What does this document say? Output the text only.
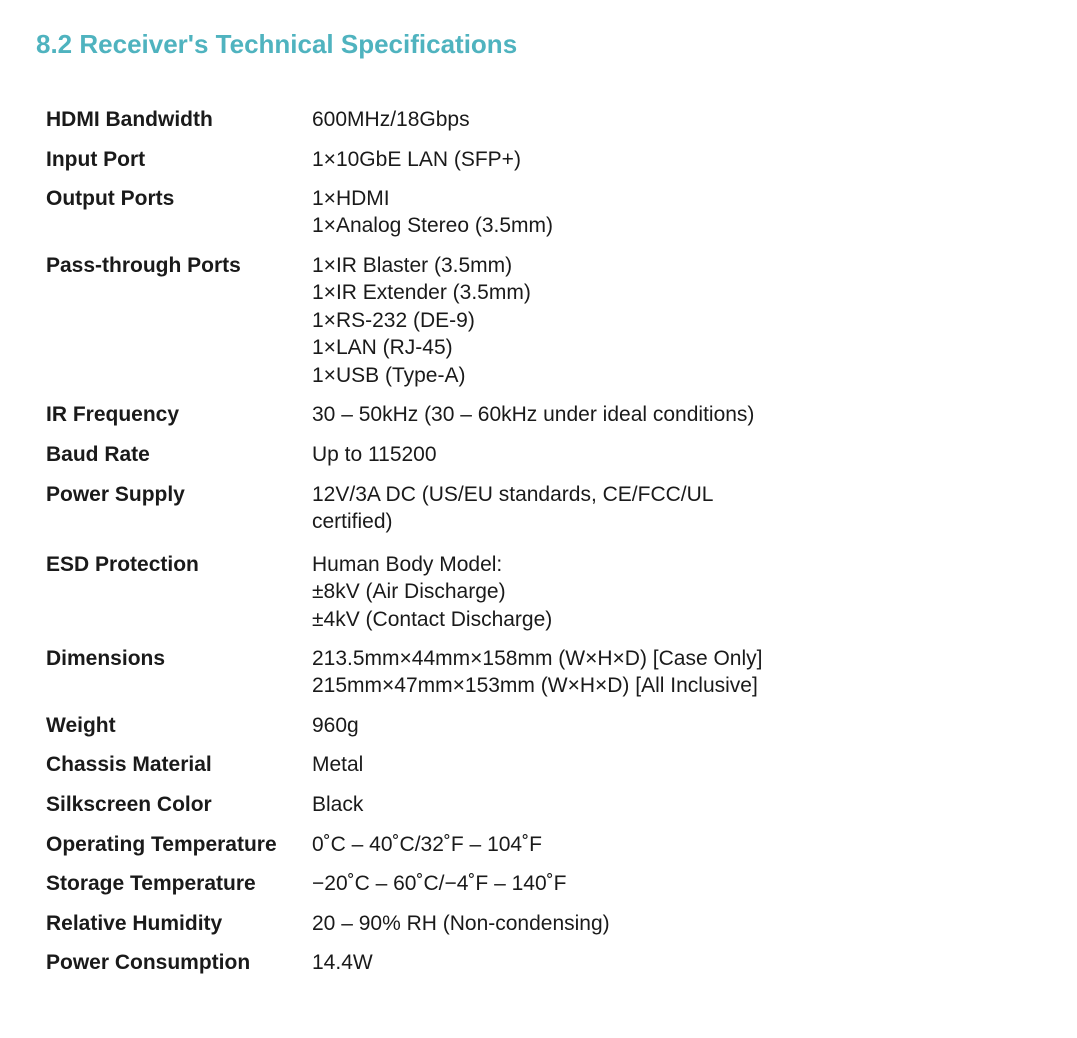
8.2 Receiver's Technical Specifications
HDMI Bandwidth	600MHz/18Gbps
Input Port	1×10GbE LAN (SFP+)
Output Ports	1×HDMI
1×Analog Stereo (3.5mm)
Pass-through Ports	1×IR Blaster (3.5mm)
1×IR Extender (3.5mm)
1×RS-232 (DE-9)
1×LAN (RJ-45)
1×USB (Type-A)
IR Frequency	30 – 50kHz (30 – 60kHz under ideal conditions)
Baud Rate	Up to 115200
Power Supply	12V/3A DC (US/EU standards, CE/FCC/UL
certified)
ESD Protection	Human Body Model:
±8kV (Air Discharge)
±4kV (Contact Discharge)
Dimensions	213.5mm×44mm×158mm (W×H×D) [Case Only]
215mm×47mm×153mm (W×H×D) [All Inclusive]
Weight	960g
Chassis Material	Metal
Silkscreen Color	Black
Operating Temperature	0˚C – 40˚C/32˚F – 104˚F
Storage Temperature	−20˚C – 60˚C/−4˚F – 140˚F
Relative Humidity	20 – 90% RH (Non-condensing)
Power Consumption	14.4W
